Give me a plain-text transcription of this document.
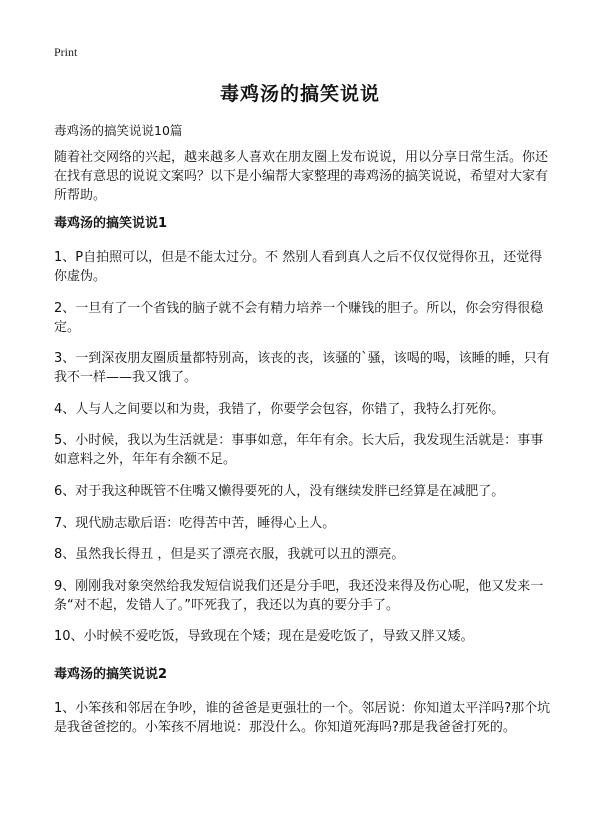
Print
毒鸡汤的搞笑说说
毒鸡汤的搞笑说说10篇
随着社交网络的兴起，越来越多人喜欢在朋友圈上发布说说，用以分享日常生活。你还在找有意思的说说文案吗？以下是小编帮大家整理的毒鸡汤的搞笑说说，希望对大家有所帮助。
毒鸡汤的搞笑说说1
1、P自拍照可以，但是不能太过分。不 然别人看到真人之后不仅仅觉得你丑，还觉得你虚伪。
2、一旦有了一个省钱的脑子就不会有精力培养一个赚钱的胆子。所以，你会穷得很稳定。
3、一到深夜朋友圈质量都特别高，该丧的丧，该骚的`骚，该喝的喝，该睡的睡，只有我不一样——我又饿了。
4、人与人之间要以和为贵，我错了，你要学会包容，你错了，我特么打死你。
5、小时候，我以为生活就是：事事如意，年年有余。长大后，我发现生活就是：事事如意料之外，年年有余额不足。
6、对于我这种既管不住嘴又懒得要死的人，没有继续发胖已经算是在减肥了。
7、现代励志歇后语：吃得苦中苦，睡得心上人。
8、虽然我长得丑 ，但是买了漂亮衣服，我就可以丑的漂亮。
9、刚刚我对象突然给我发短信说我们还是分手吧，我还没来得及伤心呢，他又发来一条“对不起，发错人了。”吓死我了，我还以为真的要分手了。
10、小时候不爱吃饭，导致现在个矮；现在是爱吃饭了，导致又胖又矮。
毒鸡汤的搞笑说说2
1、小笨孩和邻居在争吵，谁的爸爸是更强壮的一个。邻居说：你知道太平洋吗?那个坑是我爸爸挖的。小笨孩不屑地说：那没什么。你知道死海吗?那是我爸爸打死的。
